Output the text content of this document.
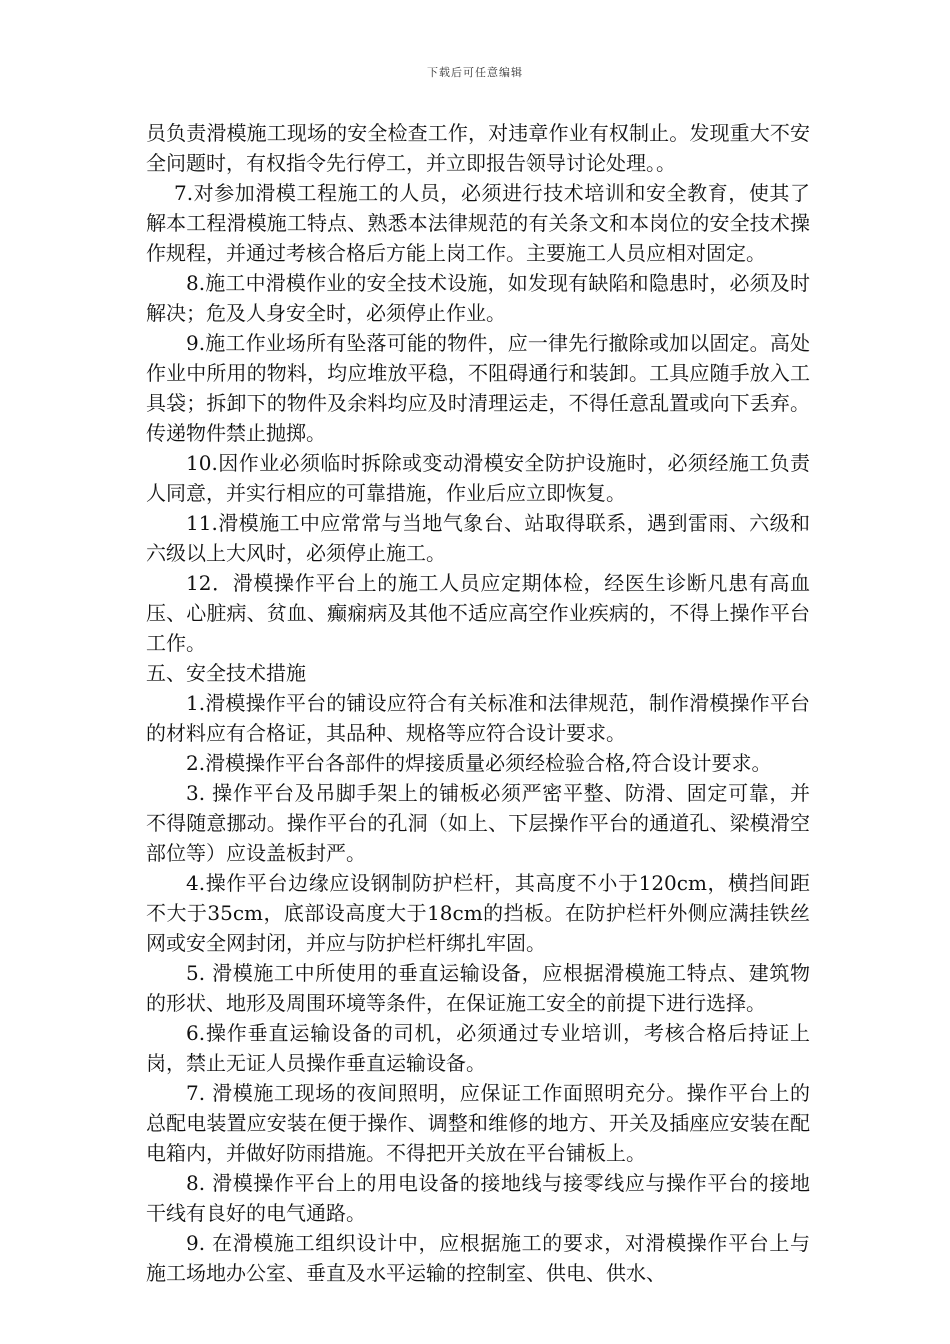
下载后可任意编辑

员负责滑模施工现场的安全检查工作，对违章作业有权制止。发现重大不安全问题时，有权指令先行停工，并立即报告领导讨论处理。。

7.对参加滑模工程施工的人员，必须进行技术培训和安全教育，使其了解本工程滑模施工特点、熟悉本法律规范的有关条文和本岗位的安全技术操作规程，并通过考核合格后方能上岗工作。主要施工人员应相对固定。

8.施工中滑模作业的安全技术设施，如发现有缺陷和隐患时，必须及时解决；危及人身安全时，必须停止作业。

9.施工作业场所有坠落可能的物件，应一律先行撤除或加以固定。高处作业中所用的物料，均应堆放平稳，不阻碍通行和装卸。工具应随手放入工具袋；拆卸下的物件及余料均应及时清理运走，不得任意乱置或向下丢弃。传递物件禁止抛掷。

10.因作业必须临时拆除或变动滑模安全防护设施时，必须经施工负责人同意，并实行相应的可靠措施，作业后应立即恢复。

11.滑模施工中应常常与当地气象台、站取得联系，遇到雷雨、六级和六级以上大风时，必须停止施工。

12．滑模操作平台上的施工人员应定期体检，经医生诊断凡患有高血压、心脏病、贫血、癫痫病及其他不适应高空作业疾病的，不得上操作平台工作。

五、安全技术措施

1.滑模操作平台的铺设应符合有关标准和法律规范，制作滑模操作平台的材料应有合格证，其品种、规格等应符合设计要求。

2.滑模操作平台各部件的焊接质量必须经检验合格,符合设计要求。

3. 操作平台及吊脚手架上的铺板必须严密平整、防滑、固定可靠，并不得随意挪动。操作平台的孔洞（如上、下层操作平台的通道孔、梁模滑空部位等）应设盖板封严。

4.操作平台边缘应设钢制防护栏杆，其高度不小于120cm，横挡间距不大于35cm，底部设高度大于18cm的挡板。在防护栏杆外侧应满挂铁丝网或安全网封闭，并应与防护栏杆绑扎牢固。

5. 滑模施工中所使用的垂直运输设备，应根据滑模施工特点、建筑物的形状、地形及周围环境等条件，在保证施工安全的前提下进行选择。

6.操作垂直运输设备的司机，必须通过专业培训，考核合格后持证上岗，禁止无证人员操作垂直运输设备。

7. 滑模施工现场的夜间照明，应保证工作面照明充分。操作平台上的总配电装置应安装在便于操作、调整和维修的地方、开关及插座应安装在配电箱内，并做好防雨措施。不得把开关放在平台铺板上。

8. 滑模操作平台上的用电设备的接地线与接零线应与操作平台的接地干线有良好的电气通路。

9. 在滑模施工组织设计中，应根据施工的要求，对滑模操作平台上与施工场地办公室、垂直及水平运输的控制室、供电、供水、
